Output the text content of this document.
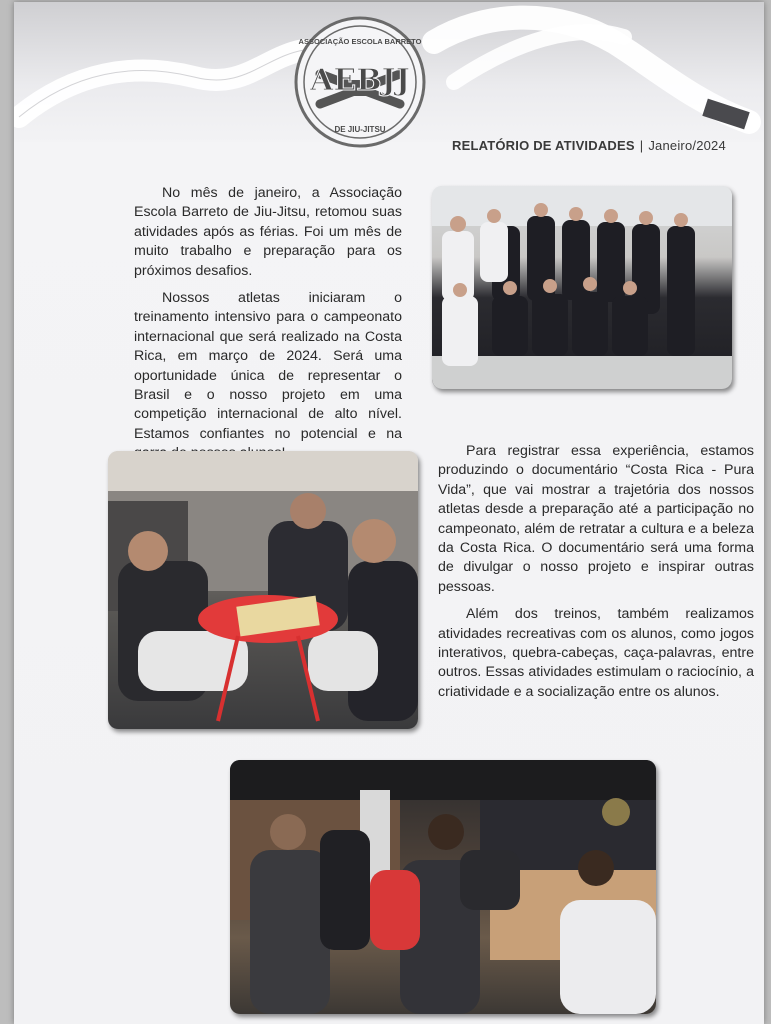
AEBJJ
ASSOCIAÇÃO ESCOLA BARRETO
DE JIU-JITSU
RELATÓRIO DE ATIVIDADES | Janeiro/2024

No mês de janeiro, a Associação Escola Barreto de Jiu-Jitsu, retomou suas atividades após as férias. Foi um mês de muito trabalho e preparação para os próximos desafios.

Nossos atletas iniciaram o treinamento intensivo para o campeonato internacional que será realizado na Costa Rica, em março de 2024. Será uma oportunidade única de representar o Brasil e o nosso projeto em uma competição internacional de alto nível. Estamos confiantes no potencial e na

Para registrar essa experiência, estamos produzindo o documentário “Costa Rica - Pura Vida”, que vai mostrar a trajetória dos nossos atletas desde a preparação até a participação no campeonato, além de retratar a cultura e a beleza da Costa Rica. O documentário será uma forma de divulgar o nosso projeto e inspirar outras pessoas.

Além dos treinos, também realizamos atividades recreativas com os alunos, como jogos interativos, quebra-cabeças, caça-palavras, entre outros. Essas atividades estimulam o raciocínio, a criatividade e a socialização entre os alunos.
